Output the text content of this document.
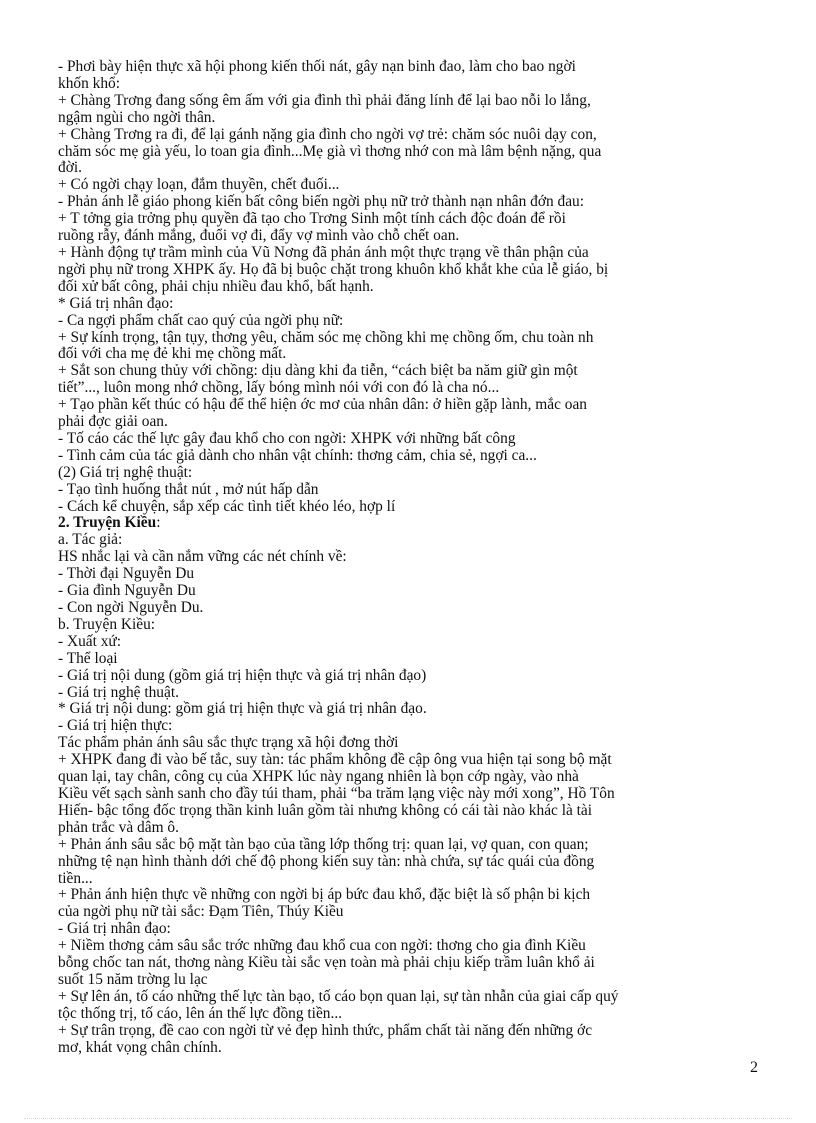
- Phơi bày hiện thực xã hội phong kiến thối nát, gây nạn binh đao, làm cho bao ngời
khốn khổ:
+ Chàng Trơng đang sống êm ấm với gia đình thì phải đăng lính để lại bao nỗi lo lắng,
ngậm ngùi cho ngời thân.
+ Chàng Trơng ra đi, để lại gánh nặng gia đình cho ngời vợ trẻ: chăm sóc nuôi dạy con,
chăm sóc mẹ già yếu, lo toan gia đình...Mẹ già vì thơng nhớ con mà lâm bệnh nặng, qua
đời.
+ Có ngời chạy loạn, đắm thuyền, chết đuối...
- Phản ánh lễ giáo phong kiến bất công biến ngời phụ nữ trở thành nạn nhân đớn đau:
+ T tởng gia trởng phụ quyền đã tạo cho Trơng Sinh một tính cách độc đoán để rồi
ruồng rẫy, đánh mắng, đuổi vợ đi, đẩy vợ mình vào chỗ chết oan.
+ Hành động tự trầm mình của Vũ Nơng đã phản ánh một thực trạng về thân phận của
ngời phụ nữ trong XHPK ấy. Họ đã bị buộc chặt trong khuôn khổ khắt khe của lễ giáo, bị
đối xử bất công, phải chịu nhiều đau khổ, bất hạnh.
* Giá trị nhân đạo:
- Ca ngợi phẩm chất cao quý của ngời phụ nữ:
+ Sự kính trọng, tận tụy, thơng yêu, chăm sóc mẹ chồng khi mẹ chồng ốm, chu toàn nh
đối với cha mẹ đẻ khi mẹ chồng mất.
+ Sắt son chung thủy với chồng: dịu dàng khi đa tiễn, “cách biệt ba năm giữ gìn một
tiết”..., luôn mong nhớ chồng, lấy bóng mình nói với con đó là cha nó...
+ Tạo phần kết thúc có hậu để thể hiện ớc mơ của nhân dân: ở hiền gặp lành, mắc oan
phải đợc giải oan.
- Tố cáo các thế lực gây đau khổ cho con ngời: XHPK với những bất công
- Tình cảm của tác giả dành cho nhân vật chính: thơng cảm, chia sẻ, ngợi ca...
(2) Giá trị nghệ thuật:
- Tạo tình huống thắt nút , mở nút hấp dẫn
- Cách kể chuyện, sắp xếp các tình tiết khéo léo, hợp lí
2. Truyện Kiều:
a. Tác giả:
HS nhắc lại và cần nắm vững các nét chính về:
- Thời đại Nguyễn Du
- Gia đình Nguyễn Du
- Con ngời Nguyễn Du.
b. Truyện Kiều:
- Xuất xứ:
- Thể loại
- Giá trị nội dung (gồm giá trị hiện thực và giá trị nhân đạo)
- Giá trị nghệ thuật.
* Giá trị nội dung: gồm giá trị hiện thực và giá trị nhân đạo.
- Giá trị hiện thực:
Tác phẩm phản ánh sâu sắc thực trạng xã hội đơng thời
+ XHPK đang đi vào bế tắc, suy tàn: tác phẩm không đề cập ông vua hiện tại song bộ mặt
quan lại, tay chân, công cụ của XHPK lúc này ngang nhiên là bọn cớp ngày, vào nhà
Kiều vết sạch sành sanh cho đầy túi tham, phải “ba trăm lạng việc này mới xong”, Hồ Tôn
Hiến- bậc tổng đốc trọng thần kinh luân gồm tài nhưng không có cái tài nào khác là tài
phản trắc và dâm ô.
+ Phản ánh sâu sắc bộ mặt tàn bạo của tầng lớp thống trị: quan lại, vợ quan, con quan;
những tệ nạn hình thành dới chế độ phong kiến suy tàn: nhà chứa, sự tác quái của đồng
tiền...
+ Phản ánh hiện thực về những con ngời bị áp bức đau khổ, đặc biệt là số phận bi kịch
của ngời phụ nữ tài sắc: Đạm Tiên, Thúy Kiều
- Giá trị nhân đạo:
+ Niềm thơng cảm sâu sắc trớc những đau khổ cua con ngời: thơng cho gia đình Kiều
bỗng chốc tan nát, thơng nàng Kiều tài sắc vẹn toàn mà phải chịu kiếp trầm luân khổ ải
suốt 15 năm trờng lu lạc
+ Sự lên án, tố cáo những thế lực tàn bạo, tố cáo bọn quan lại, sự tàn nhẫn của giai cấp quý
tộc thống trị, tố cáo, lên án thế lực đồng tiền...
+ Sự trân trọng, đề cao con ngời từ vẻ đẹp hình thức, phẩm chất tài năng đến những ớc
mơ, khát vọng chân chính.
2
